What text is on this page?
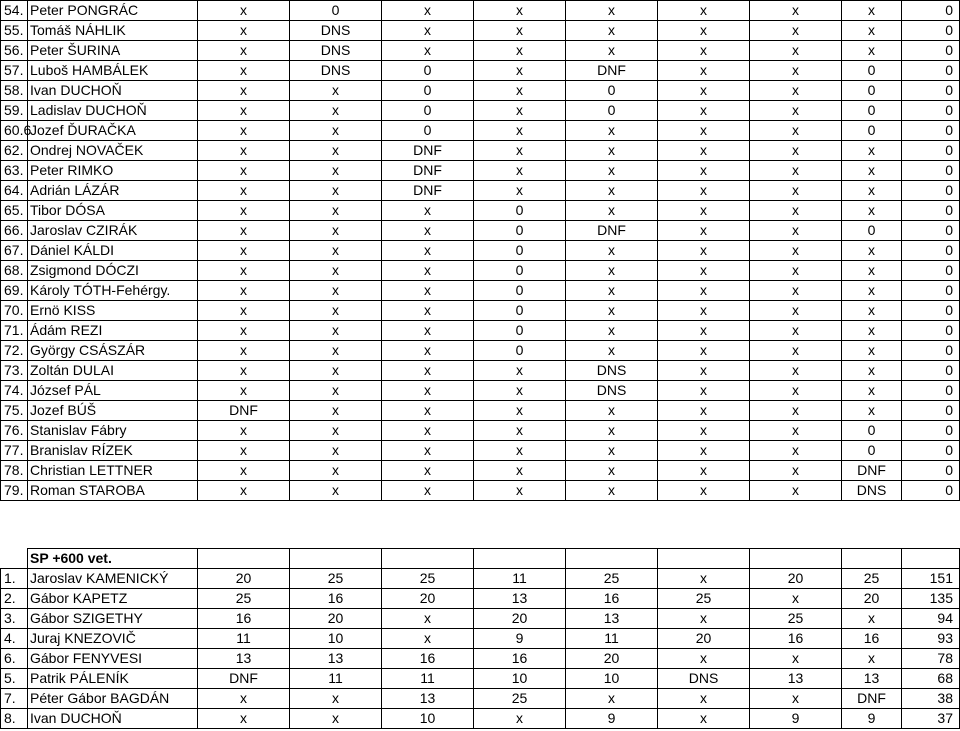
54.	Peter PONGRÁC	x	0	x	x	x	x	x	x	0
55.	Tomáš NÁHLIK	x	DNS	x	x	x	x	x	x	0
56.	Peter ŠURINA	x	DNS	x	x	x	x	x	x	0
57.	Luboš HAMBÁLEK	x	DNS	0	x	DNF	x	x	0	0
58.	Ivan DUCHOŇ	x	x	0	x	0	x	x	0	0
59.	Ladislav DUCHOŇ	x	x	0	x	0	x	x	0	0
60.6	Jozef ĎURAČKA	x	x	0	x	x	x	x	0	0
62.	Ondrej NOVAČEK	x	x	DNF	x	x	x	x	x	0
63.	Peter RIMKO	x	x	DNF	x	x	x	x	x	0
64.	Adrián LÁZÁR	x	x	DNF	x	x	x	x	x	0
65.	Tibor DÓSA	x	x	x	0	x	x	x	x	0
66.	Jaroslav CZIRÁK	x	x	x	0	DNF	x	x	0	0
67.	Dániel KÁLDI	x	x	x	0	x	x	x	x	0
68.	Zsigmond DÓCZI	x	x	x	0	x	x	x	x	0
69.	Károly TÓTH-Fehérgy.	x	x	x	0	x	x	x	x	0
70.	Ernö KISS	x	x	x	0	x	x	x	x	0
71.	Ádám REZI	x	x	x	0	x	x	x	x	0
72.	György CSÁSZÁR	x	x	x	0	x	x	x	x	0
73.	Zoltán DULAI	x	x	x	x	DNS	x	x	x	0
74.	József PÁL	x	x	x	x	DNS	x	x	x	0
75.	Jozef BÚŠ	DNF	x	x	x	x	x	x	x	0
76.	Stanislav Fábry	x	x	x	x	x	x	x	0	0
77.	Branislav RÍZEK	x	x	x	x	x	x	x	0	0
78.	Christian LETTNER	x	x	x	x	x	x	x	DNF	0
79.	Roman STAROBA	x	x	x	x	x	x	x	DNS	0
	SP +600 vet.									
1.	Jaroslav KAMENICKÝ	20	25	25	11	25	x	20	25	151
2.	Gábor KAPETZ	25	16	20	13	16	25	x	20	135
3.	Gábor SZIGETHY	16	20	x	20	13	x	25	x	94
4.	Juraj KNEZOVIČ	11	10	x	9	11	20	16	16	93
6.	Gábor FENYVESI	13	13	16	16	20	x	x	x	78
5.	Patrik PÁLENÍK	DNF	11	11	10	10	DNS	13	13	68
7.	Péter Gábor BAGDÁN	x	x	13	25	x	x	x	DNF	38
8.	Ivan DUCHOŇ	x	x	10	x	9	x	9	9	37
